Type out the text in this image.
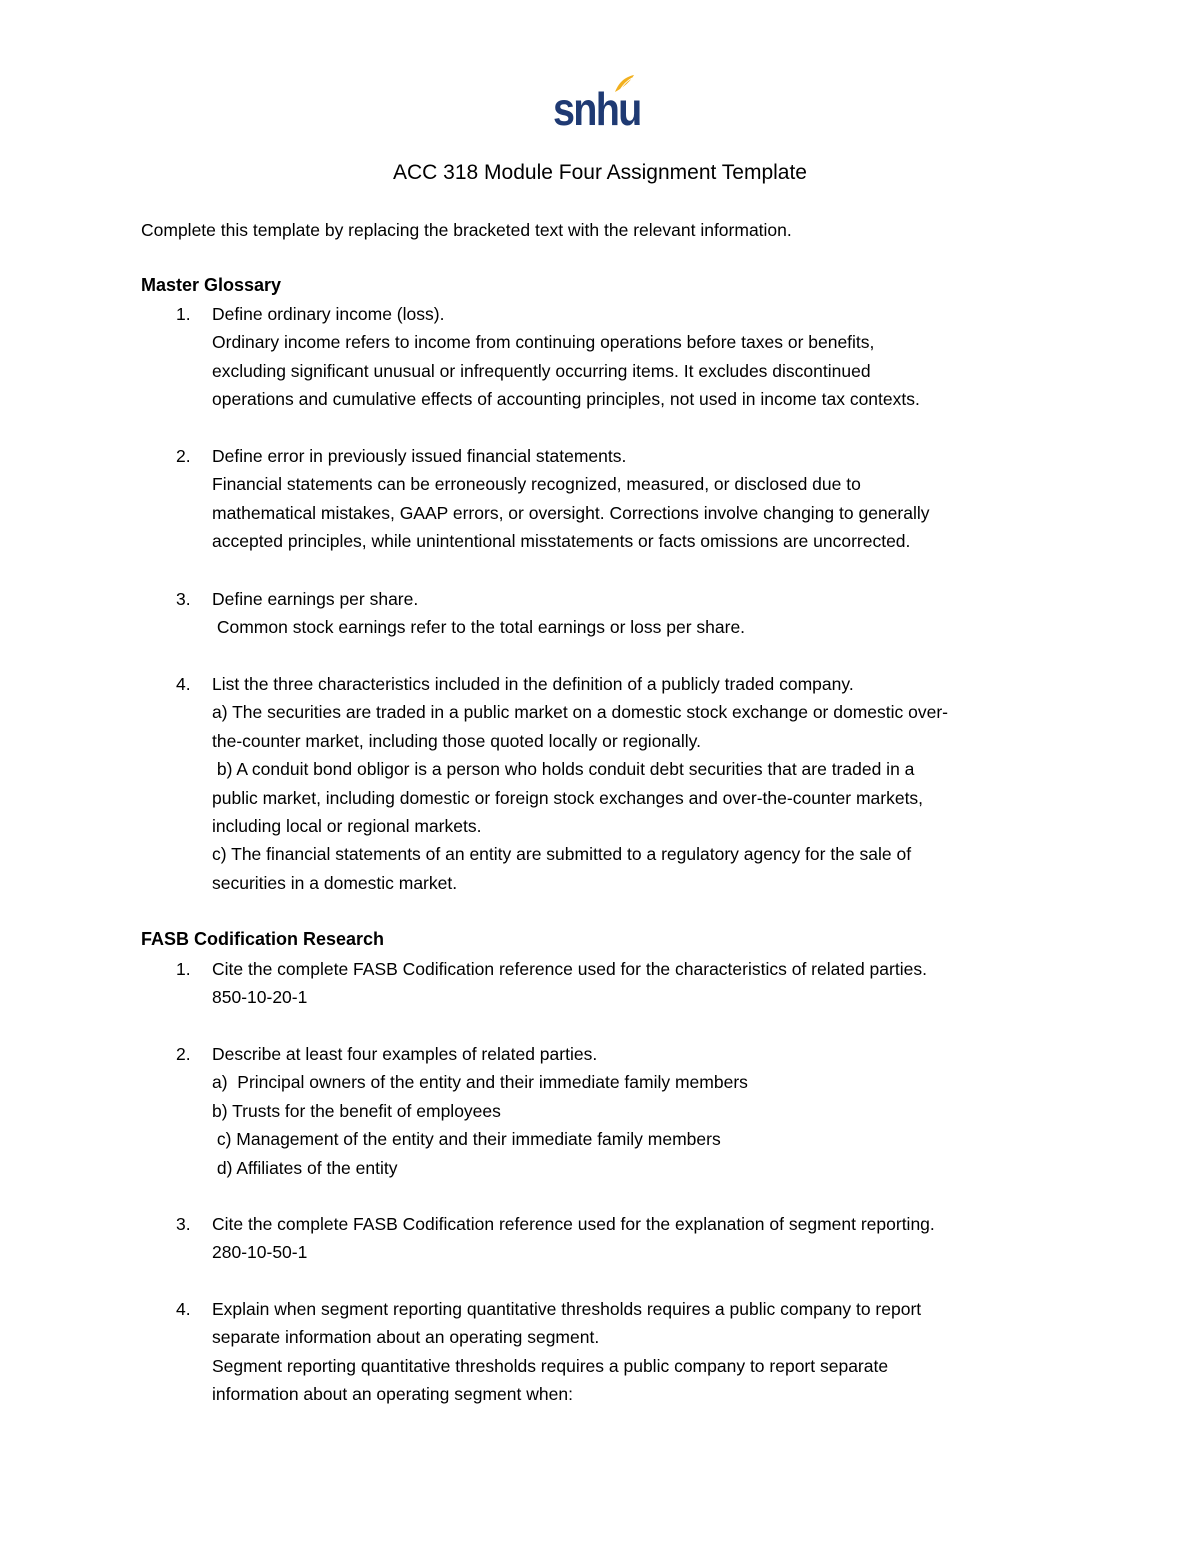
snhu
ACC 318 Module Four Assignment Template
Complete this template by replacing the bracketed text with the relevant information.
Master Glossary
1. Define ordinary income (loss).
Ordinary income refers to income from continuing operations before taxes or benefits,
excluding significant unusual or infrequently occurring items. It excludes discontinued
operations and cumulative effects of accounting principles, not used in income tax contexts.
2. Define error in previously issued financial statements.
Financial statements can be erroneously recognized, measured, or disclosed due to
mathematical mistakes, GAAP errors, or oversight. Corrections involve changing to generally
accepted principles, while unintentional misstatements or facts omissions are uncorrected.
3. Define earnings per share.
Common stock earnings refer to the total earnings or loss per share.
4. List the three characteristics included in the definition of a publicly traded company.
a) The securities are traded in a public market on a domestic stock exchange or domestic over-
the-counter market, including those quoted locally or regionally.
b) A conduit bond obligor is a person who holds conduit debt securities that are traded in a
public market, including domestic or foreign stock exchanges and over-the-counter markets,
including local or regional markets.
c) The financial statements of an entity are submitted to a regulatory agency for the sale of
securities in a domestic market.
FASB Codification Research
1. Cite the complete FASB Codification reference used for the characteristics of related parties.
850-10-20-1
2. Describe at least four examples of related parties.
a)  Principal owners of the entity and their immediate family members
b) Trusts for the benefit of employees
c) Management of the entity and their immediate family members
d) Affiliates of the entity
3. Cite the complete FASB Codification reference used for the explanation of segment reporting.
280-10-50-1
4. Explain when segment reporting quantitative thresholds requires a public company to report
separate information about an operating segment.
Segment reporting quantitative thresholds requires a public company to report separate
information about an operating segment when:
